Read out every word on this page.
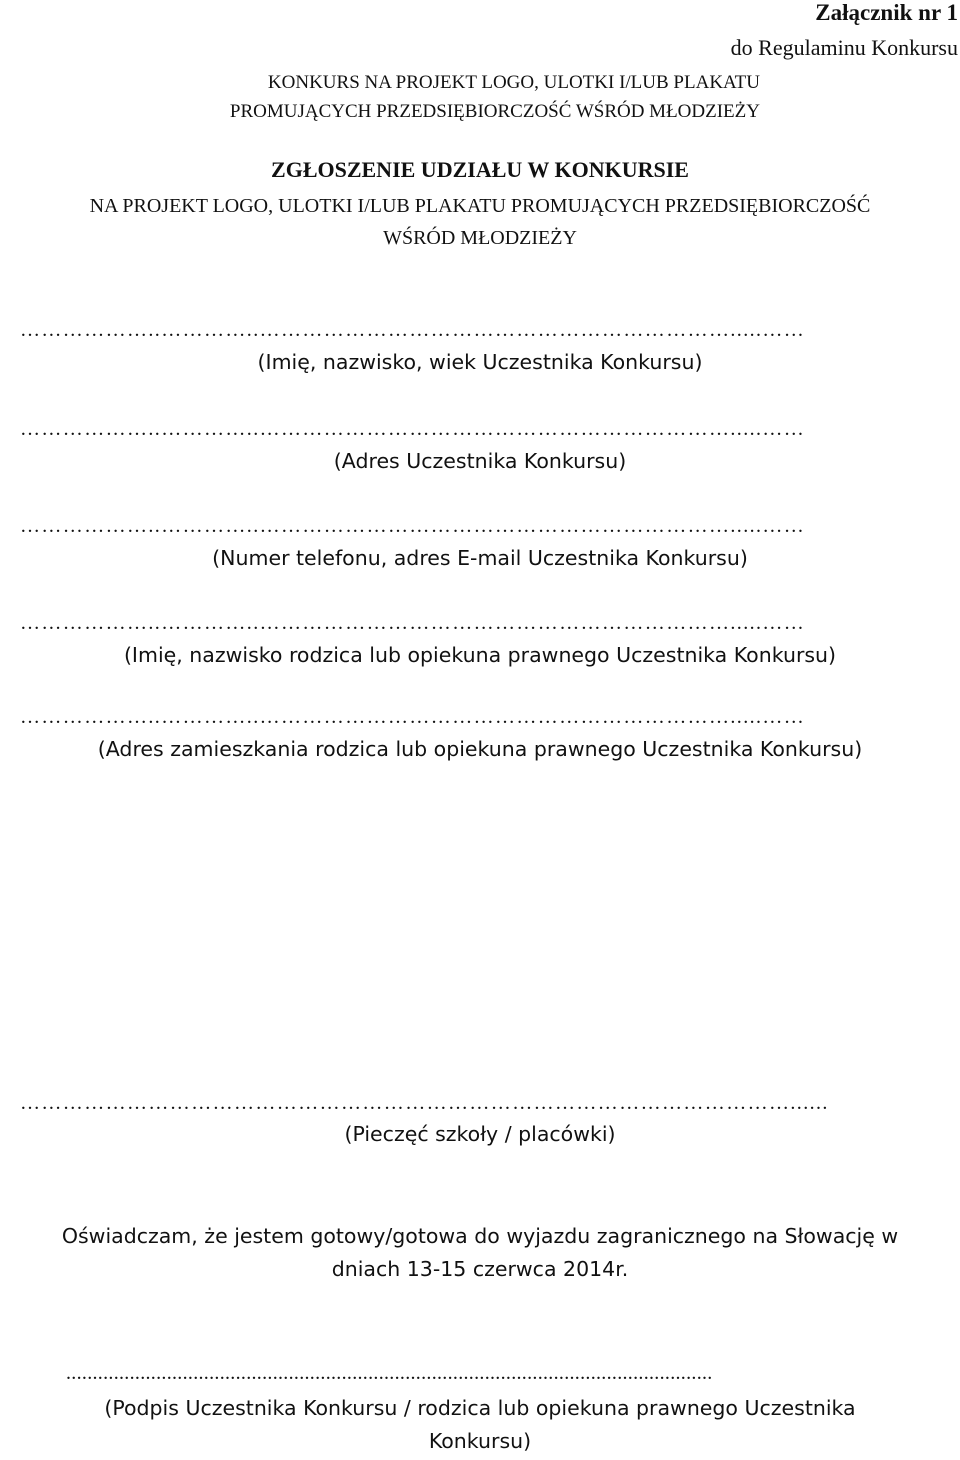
Załącznik nr 1
do Regulaminu Konkursu
KONKURS NA PROJEKT LOGO, ULOTKI I/LUB PLAKATU
PROMUJĄCYCH PRZEDSIĘBIORCZOŚĆ WŚRÓD MŁODZIEŻY
ZGŁOSZENIE UDZIAŁU W KONKURSIE
NA PROJEKT LOGO, ULOTKI I/LUB PLAKATU PROMUJĄCYCH PRZEDSIĘBIORCZOŚĆ
WŚRÓD MŁODZIEŻY
………………..…………..………………………………………………………….....……
(Imię, nazwisko, wiek Uczestnika Konkursu)
………………..…………..………………………………………………………….....……
(Adres Uczestnika Konkursu)
………………..…………..………………………………………………………….....……
(Numer telefonu, adres E-mail Uczestnika Konkursu)
………………..…………..………………………………………………………….....……
(Imię, nazwisko rodzica lub opiekuna prawnego Uczestnika Konkursu)
………………..…………..………………………………………………………….....……
(Adres zamieszkania rodzica lub opiekuna prawnego Uczestnika Konkursu)
………………………………………………………………………………………………......
(Pieczęć szkoły / placówki)
Oświadczam, że jestem gotowy/gotowa do wyjazdu zagranicznego na Słowację w
dniach 13-15 czerwca 2014r.
..........................................................................................................................
(Podpis Uczestnika Konkursu / rodzica lub opiekuna prawnego Uczestnika
Konkursu)
